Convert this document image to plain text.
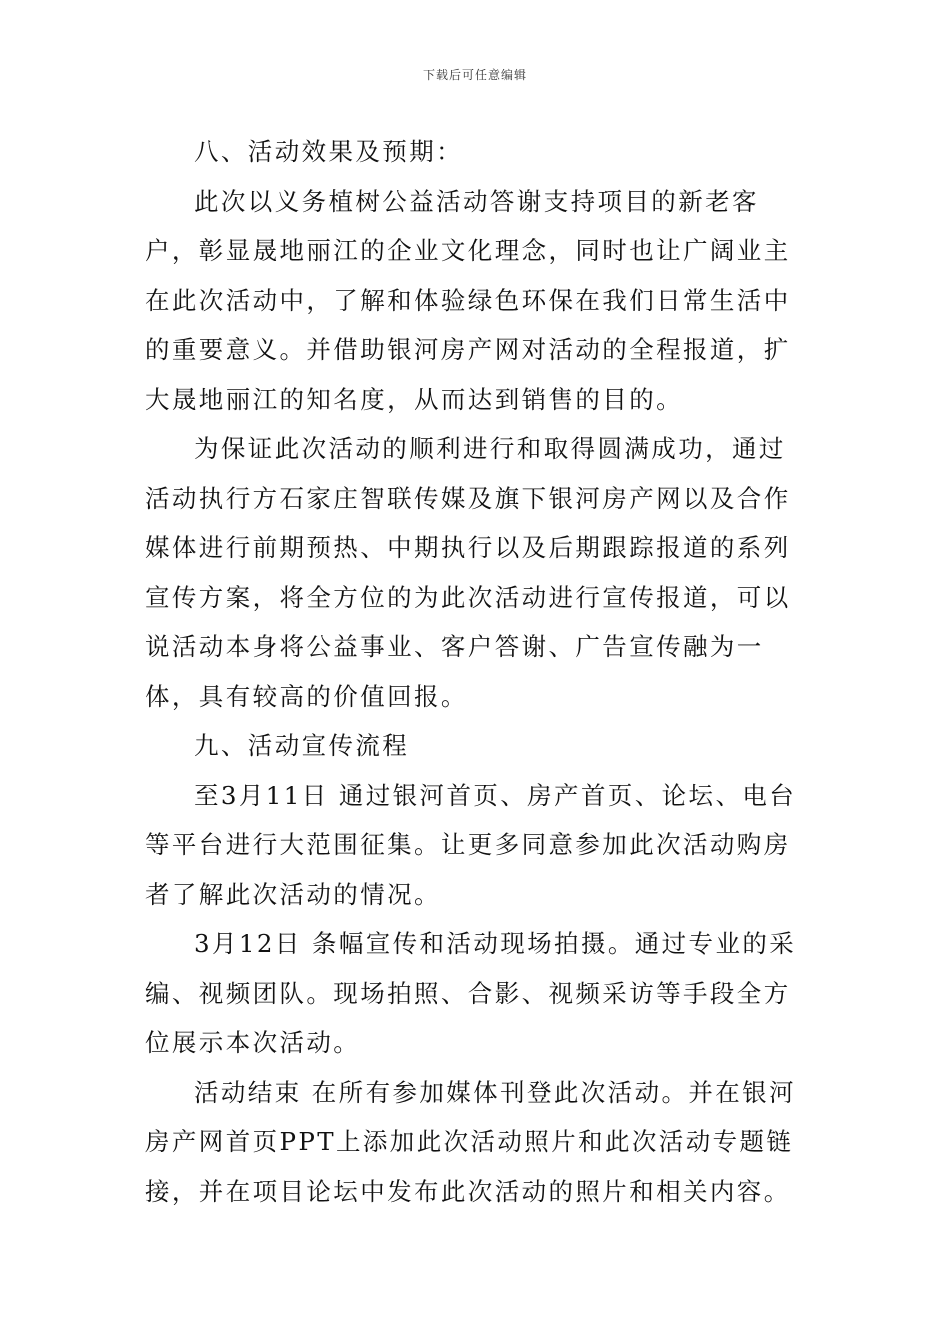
下载后可任意编辑

八、活动效果及预期：

此次以义务植树公益活动答谢支持项目的新老客户，彰显晟地丽江的企业文化理念，同时也让广阔业主在此次活动中，了解和体验绿色环保在我们日常生活中的重要意义。并借助银河房产网对活动的全程报道，扩大晟地丽江的知名度，从而达到销售的目的。

为保证此次活动的顺利进行和取得圆满成功，通过活动执行方石家庄智联传媒及旗下银河房产网以及合作媒体进行前期预热、中期执行以及后期跟踪报道的系列宣传方案，将全方位的为此次活动进行宣传报道，可以说活动本身将公益事业、客户答谢、广告宣传融为一体，具有较高的价值回报。

九、活动宣传流程

至3月11日 通过银河首页、房产首页、论坛、电台等平台进行大范围征集。让更多同意参加此次活动购房者了解此次活动的情况。

3月12日 条幅宣传和活动现场拍摄。通过专业的采编、视频团队。现场拍照、合影、视频采访等手段全方位展示本次活动。

活动结束 在所有参加媒体刊登此次活动。并在银河房产网首页PPT上添加此次活动照片和此次活动专题链接，并在项目论坛中发布此次活动的照片和相关内容。
